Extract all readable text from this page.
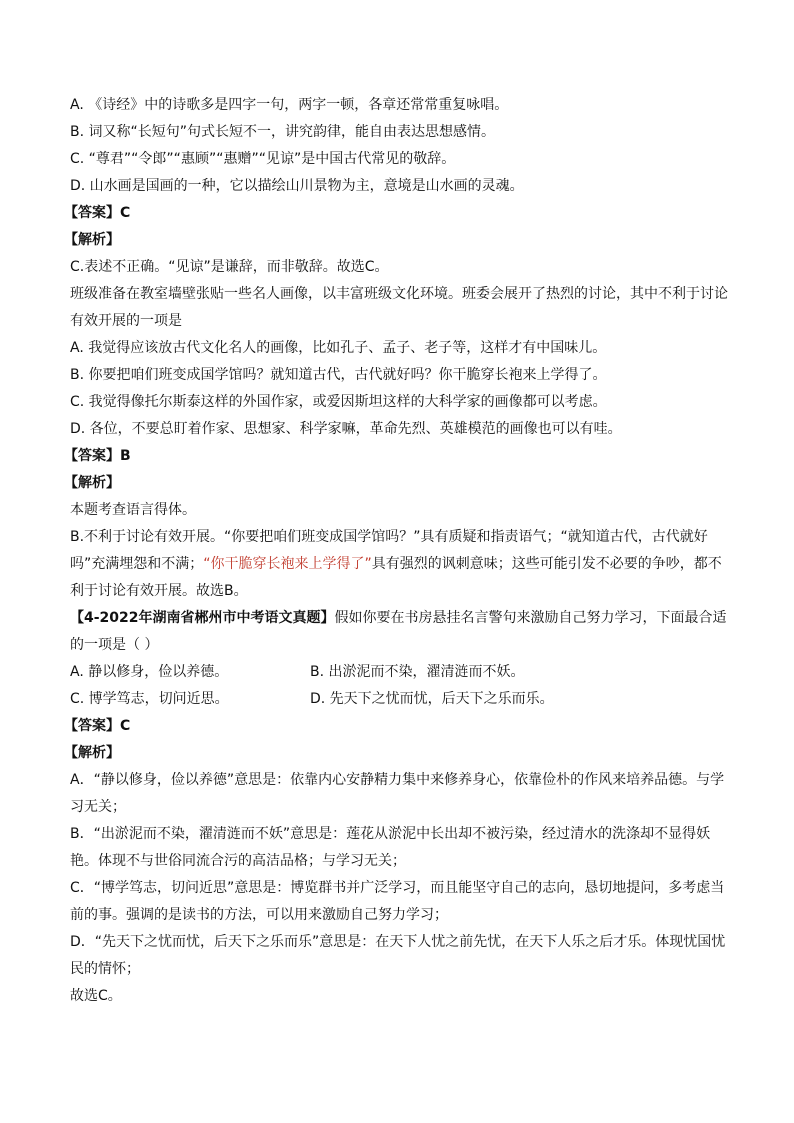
A. 《诗经》中的诗歌多是四字一句，两字一顿，各章还常常重复咏唱。
B. 词又称“长短句”句式长短不一，讲究韵律，能自由表达思想感情。
C. “尊君”“令郎”“惠顾”“惠赠”“见谅”是中国古代常见的敬辞。
D. 山水画是国画的一种，它以描绘山川景物为主，意境是山水画的灵魂。
【答案】C
【解析】
C.表述不正确。“见谅”是谦辞，而非敬辞。故选C。
班级准备在教室墙壁张贴一些名人画像，以丰富班级文化环境。班委会展开了热烈的讨论，其中不利于讨论有效开展的一项是
A. 我觉得应该放古代文化名人的画像，比如孔子、孟子、老子等，这样才有中国味儿。
B. 你要把咱们班变成国学馆吗？就知道古代，古代就好吗？你干脆穿长袍来上学得了。
C. 我觉得像托尔斯泰这样的外国作家，或爱因斯坦这样的大科学家的画像都可以考虑。
D. 各位，不要总盯着作家、思想家、科学家嘛，革命先烈、英雄模范的画像也可以有哇。
【答案】B
【解析】
本题考查语言得体。
B.不利于讨论有效开展。“你要把咱们班变成国学馆吗？”具有质疑和指责语气；“就知道古代，古代就好吗”充满埋怨和不满；“你干脆穿长袍来上学得了”具有强烈的讽刺意味；这些可能引发不必要的争吵，都不利于讨论有效开展。故选B。
【4-2022年湖南省郴州市中考语文真题】假如你要在书房悬挂名言警句来激励自己努力学习，下面最合适的一项是（ ）
A. 静以修身，俭以养德。	B. 出淤泥而不染，濯清涟而不妖。
C. 博学笃志，切问近思。	D. 先天下之忧而忧，后天下之乐而乐。
【答案】C
【解析】
A．“静以修身，俭以养德”意思是：依靠内心安静精力集中来修养身心，依靠俭朴的作风来培养品德。与学习无关；
B．“出淤泥而不染，濯清涟而不妖”意思是：莲花从淤泥中长出却不被污染，经过清水的洗涤却不显得妖艳。体现不与世俗同流合污的高洁品格；与学习无关；
C．“博学笃志，切问近思”意思是：博览群书并广泛学习，而且能坚守自己的志向，恳切地提问，多考虑当前的事。强调的是读书的方法，可以用来激励自己努力学习；
D．“先天下之忧而忧，后天下之乐而乐”意思是：在天下人忧之前先忧，在天下人乐之后才乐。体现忧国忧民的情怀；
故选C。
